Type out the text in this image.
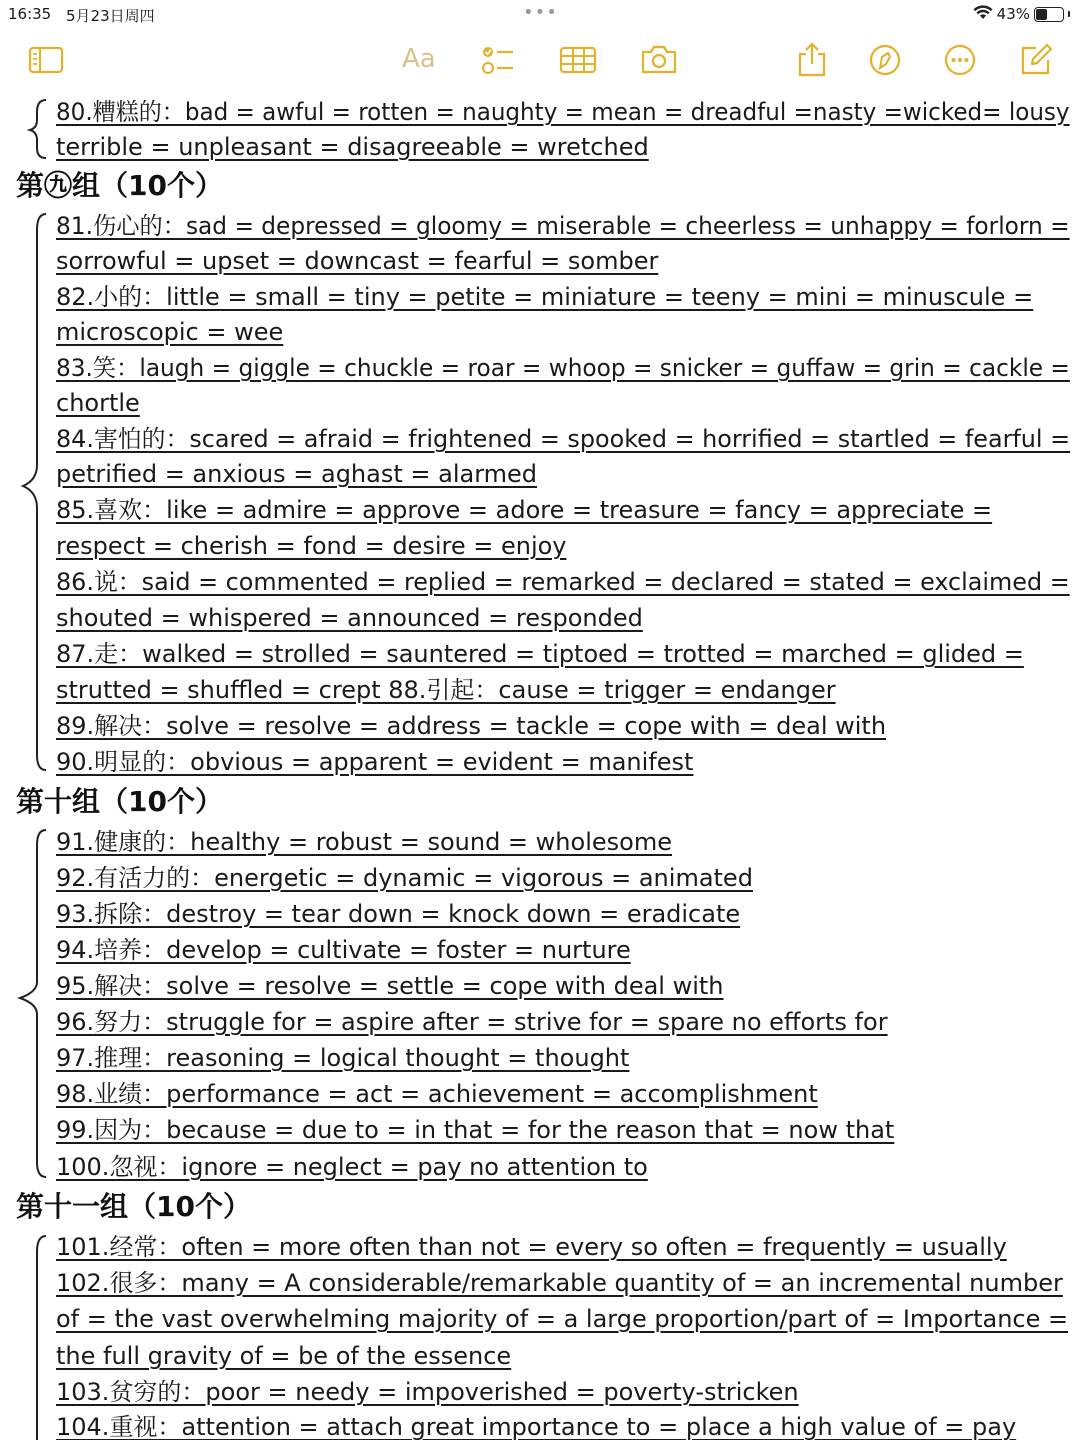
16:35 5月23日周四	•••	43%
Aa
80.糟糕的：bad = awful = rotten = naughty = mean = dreadful =nasty =wicked= lousy
terrible = unpleasant = disagreeable = wretched
第㊈组（10个）
81.伤心的：sad = depressed = gloomy = miserable = cheerless = unhappy = forlorn =
sorrowful = upset = downcast = fearful = somber
82.小的：little = small = tiny = petite = miniature = teeny = mini = minuscule =
microscopic = wee
83.笑：laugh = giggle = chuckle = roar = whoop = snicker = guffaw = grin = cackle =
chortle
84.害怕的：scared = afraid = frightened = spooked = horrified = startled = fearful =
petrified = anxious = aghast = alarmed
85.喜欢：like = admire = approve = adore = treasure = fancy = appreciate =
respect = cherish = fond = desire = enjoy
86.说：said = commented = replied = remarked = declared = stated = exclaimed =
shouted = whispered = announced = responded
87.走：walked = strolled = sauntered = tiptoed = trotted = marched = glided =
strutted = shuffled = crept 88.引起：cause = trigger = endanger
89.解决：solve = resolve = address = tackle = cope with = deal with
90.明显的：obvious = apparent = evident = manifest
第十组（10个）
91.健康的：healthy = robust = sound = wholesome
92.有活力的：energetic = dynamic = vigorous = animated
93.拆除：destroy = tear down = knock down = eradicate
94.培养：develop = cultivate = foster = nurture
95.解决：solve = resolve = settle = cope with deal with
96.努力：struggle for = aspire after = strive for = spare no efforts for
97.推理：reasoning = logical thought = thought
98.业绩：performance = act = achievement = accomplishment
99.因为：because = due to = in that = for the reason that = now that
100.忽视：ignore = neglect = pay no attention to
第十一组（10个）
101.经常：often = more often than not = every so often = frequently = usually
102.很多：many = A considerable/remarkable quantity of = an incremental number
of = the vast overwhelming majority of = a large proportion/part of = Importance =
the full gravity of = be of the essence
103.贫穷的：poor = needy = impoverished = poverty-stricken
104.重视：attention = attach great importance to = place a high value of = pay
